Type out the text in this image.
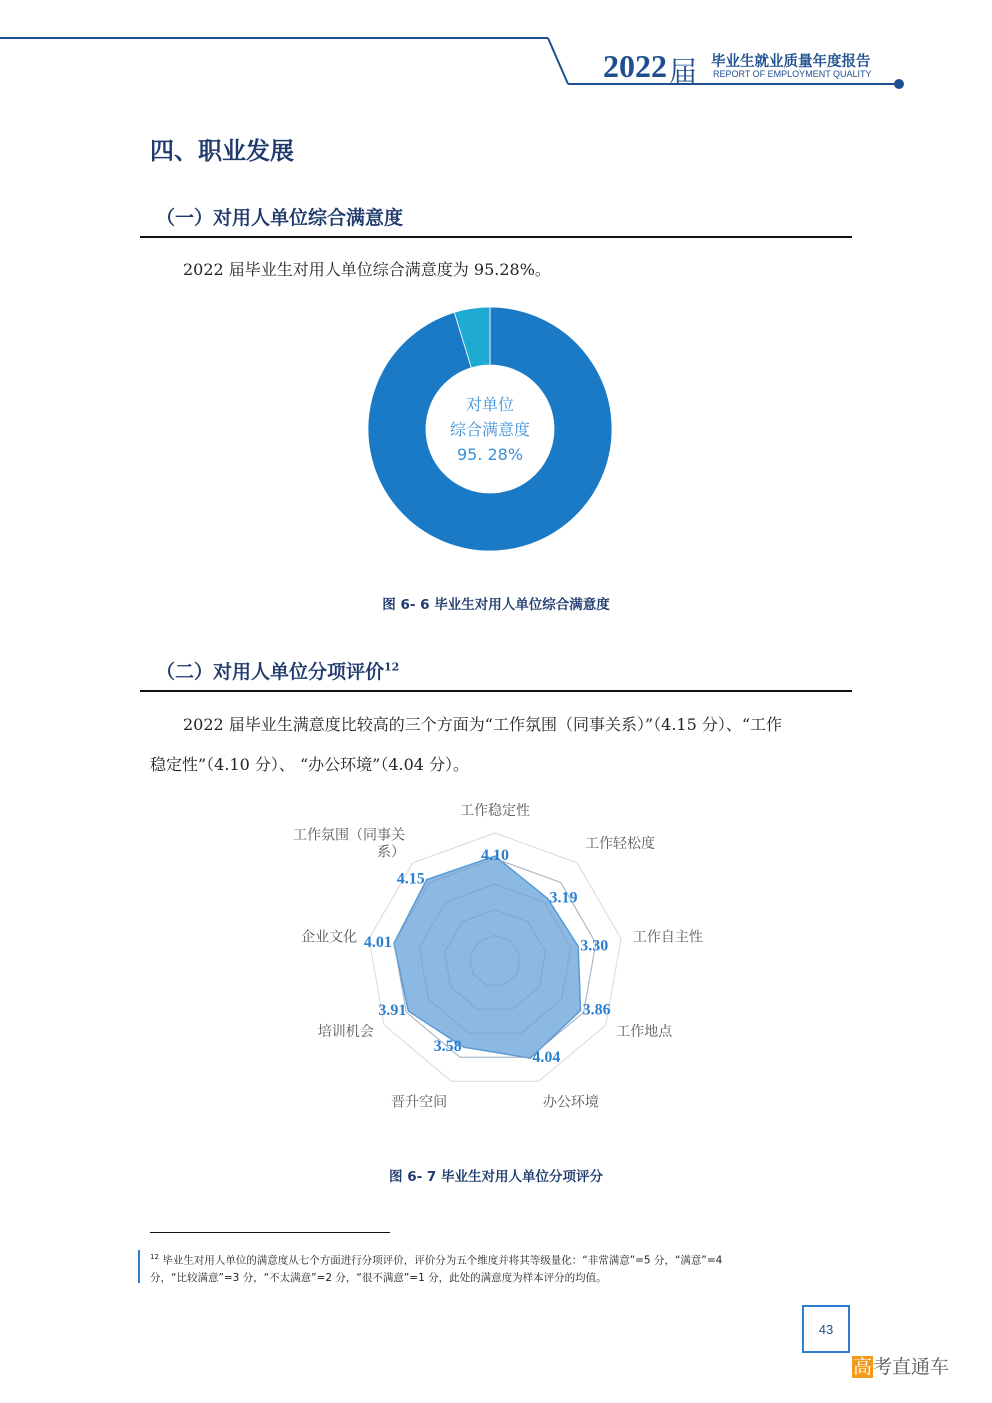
2022 届 毕业生就业质量年度报告
REPORT OF EMPLOYMENT QUALITY
四、职业发展
（一）对用人单位综合满意度
2022 届毕业生对用人单位综合满意度为 95.28%。
对单位
综合满意度
95. 28%
图 6- 6 毕业生对用人单位综合满意度
（二）对用人单位分项评价$^{12}$
2022 届毕业生满意度比较高的三个方面为“工作氛围（同事关系）”（4.15 分）、“工作
稳定性”（4.10 分）、 “办公环境”（4.04 分）。
工作稳定性
4.10
工作轻松度
3.19
工作自主性
3.30
工作地点
3.86
办公环境
4.04
晋升空间
3.58
培训机会
3.91
企业文化 4.01
工作氛围（同事关
系）
4.15
图 6- 7 毕业生对用人单位分项评分
$^{12}$ 毕业生对用人单位的满意度从七个方面进行分项评价，评价分为五个维度并将其等级量化：“非常满意”=5 分，“满意”=4
分，“比较满意”=3 分，“不太满意”=2 分，“很不满意”=1 分，此处的满意度为样本评分的均值。
43
高考直通车
